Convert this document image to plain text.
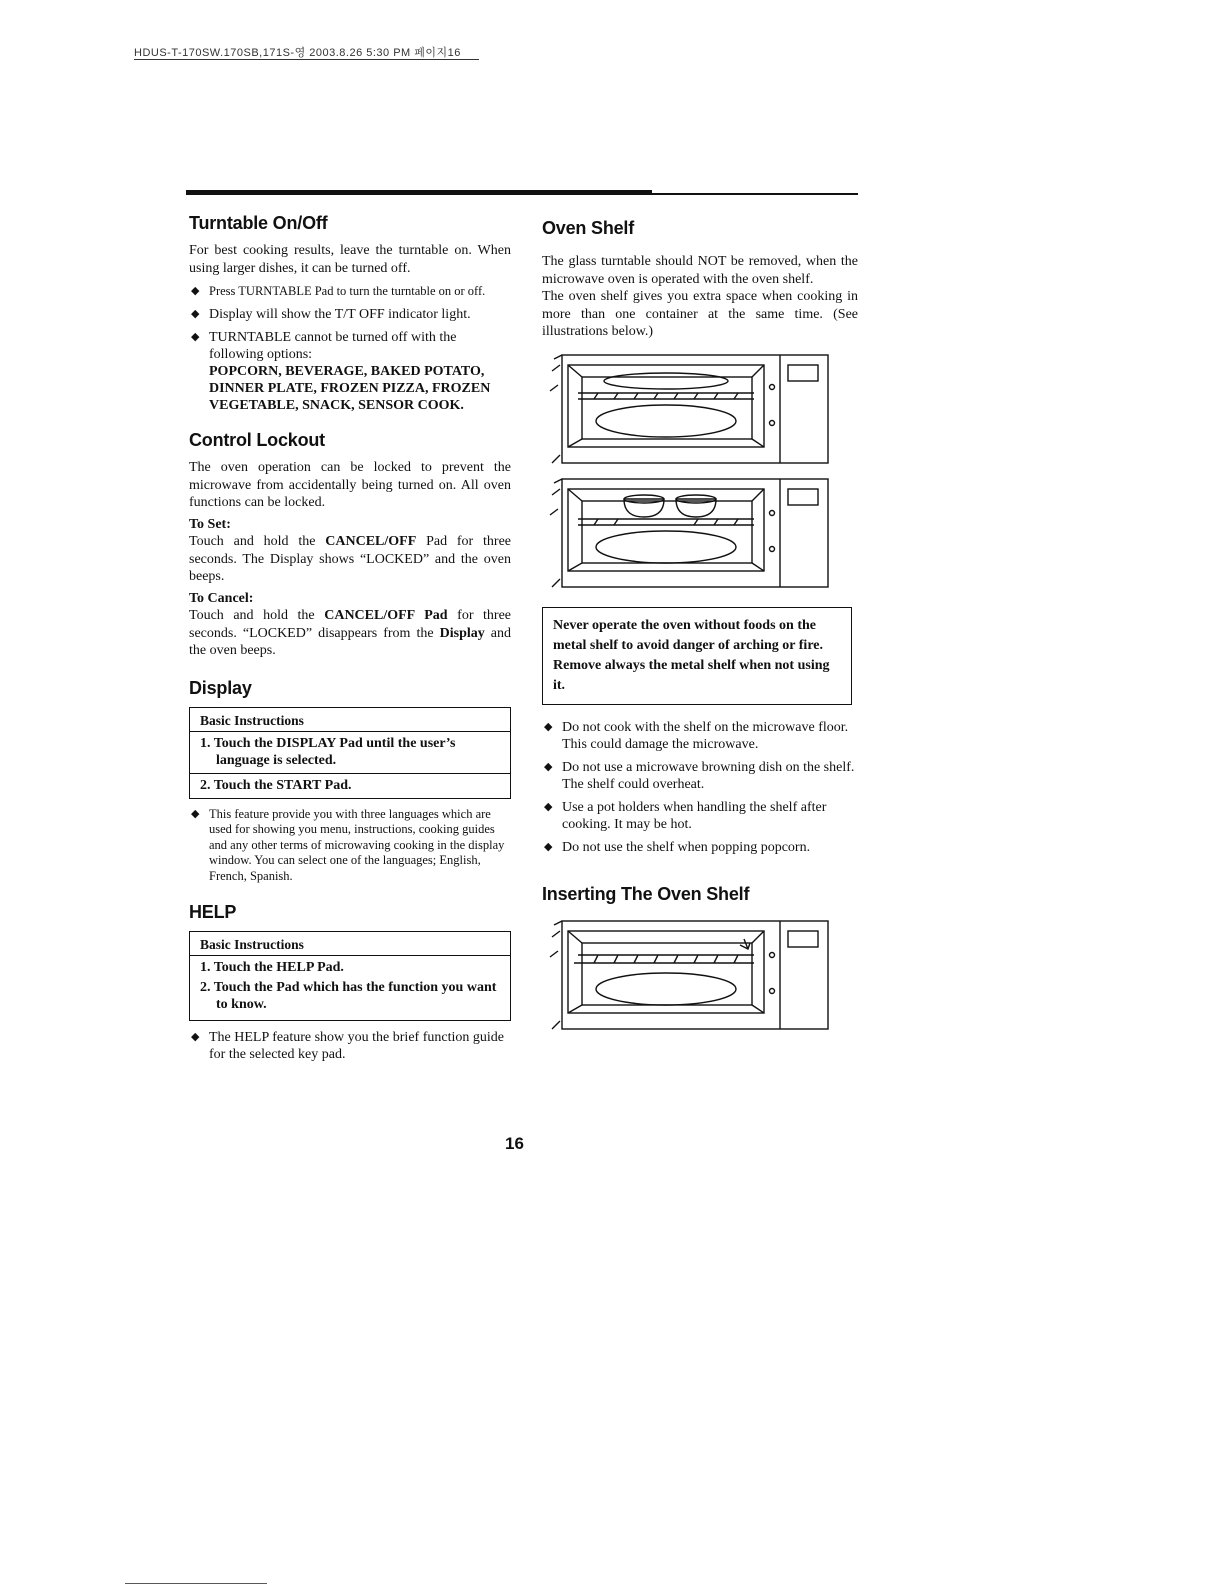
HDUS-T-170SW.170SB,171S-영 2003.8.26 5:30 PM 페이지16
Turntable On/Off

For best cooking results, leave the turntable on. When using larger dishes, it can be turned off.

◆ Press TURNTABLE Pad to turn the turntable on or off.
◆ Display will show the T/T OFF indicator light.
◆ TURNTABLE cannot be turned off with the following options:
POPCORN, BEVERAGE, BAKED POTATO, DINNER PLATE, FROZEN PIZZA, FROZEN VEGETABLE, SNACK, SENSOR COOK.
Control Lockout

The oven operation can be locked to prevent the microwave from accidentally being turned on. All oven functions can be locked.

To Set:

Touch and hold the CANCEL/OFF Pad for three seconds. The Display shows “LOCKED” and the oven beeps.

To Cancel:

Touch and hold the CANCEL/OFF Pad for three seconds. “LOCKED” disappears from the Display and the oven beeps.

Display
Basic Instructions
1. Touch the DISPLAY Pad until the user’s language is selected.
2. Touch the START Pad.
◆ This feature provide you with three languages which are used for showing you menu, instructions, cooking guides and any other terms of microwaving cooking in the display window. You can select one of the languages; English, French, Spanish.
HELP
Basic Instructions
1. Touch the HELP Pad.
2. Touch the Pad which has the function you want to know.
◆ The HELP feature show you the brief function guide for the selected key pad.
Oven Shelf

The glass turntable should NOT be removed, when the microwave oven is operated with the oven shelf.

The oven shelf gives you extra space when cooking in more than one container at the same time. (See illustrations below.)

Never operate the oven without foods on the metal shelf to avoid danger of arching or fire. Remove always the metal shelf when not using it.

◆ Do not cook with the shelf on the microwave floor. This could damage the microwave.
◆ Do not use a microwave browning dish on the shelf. The shelf could overheat.
◆ Use a pot holders when handling the shelf after cooking. It may be hot.
◆ Do not use the shelf when popping popcorn.
Inserting The Oven Shelf
16
